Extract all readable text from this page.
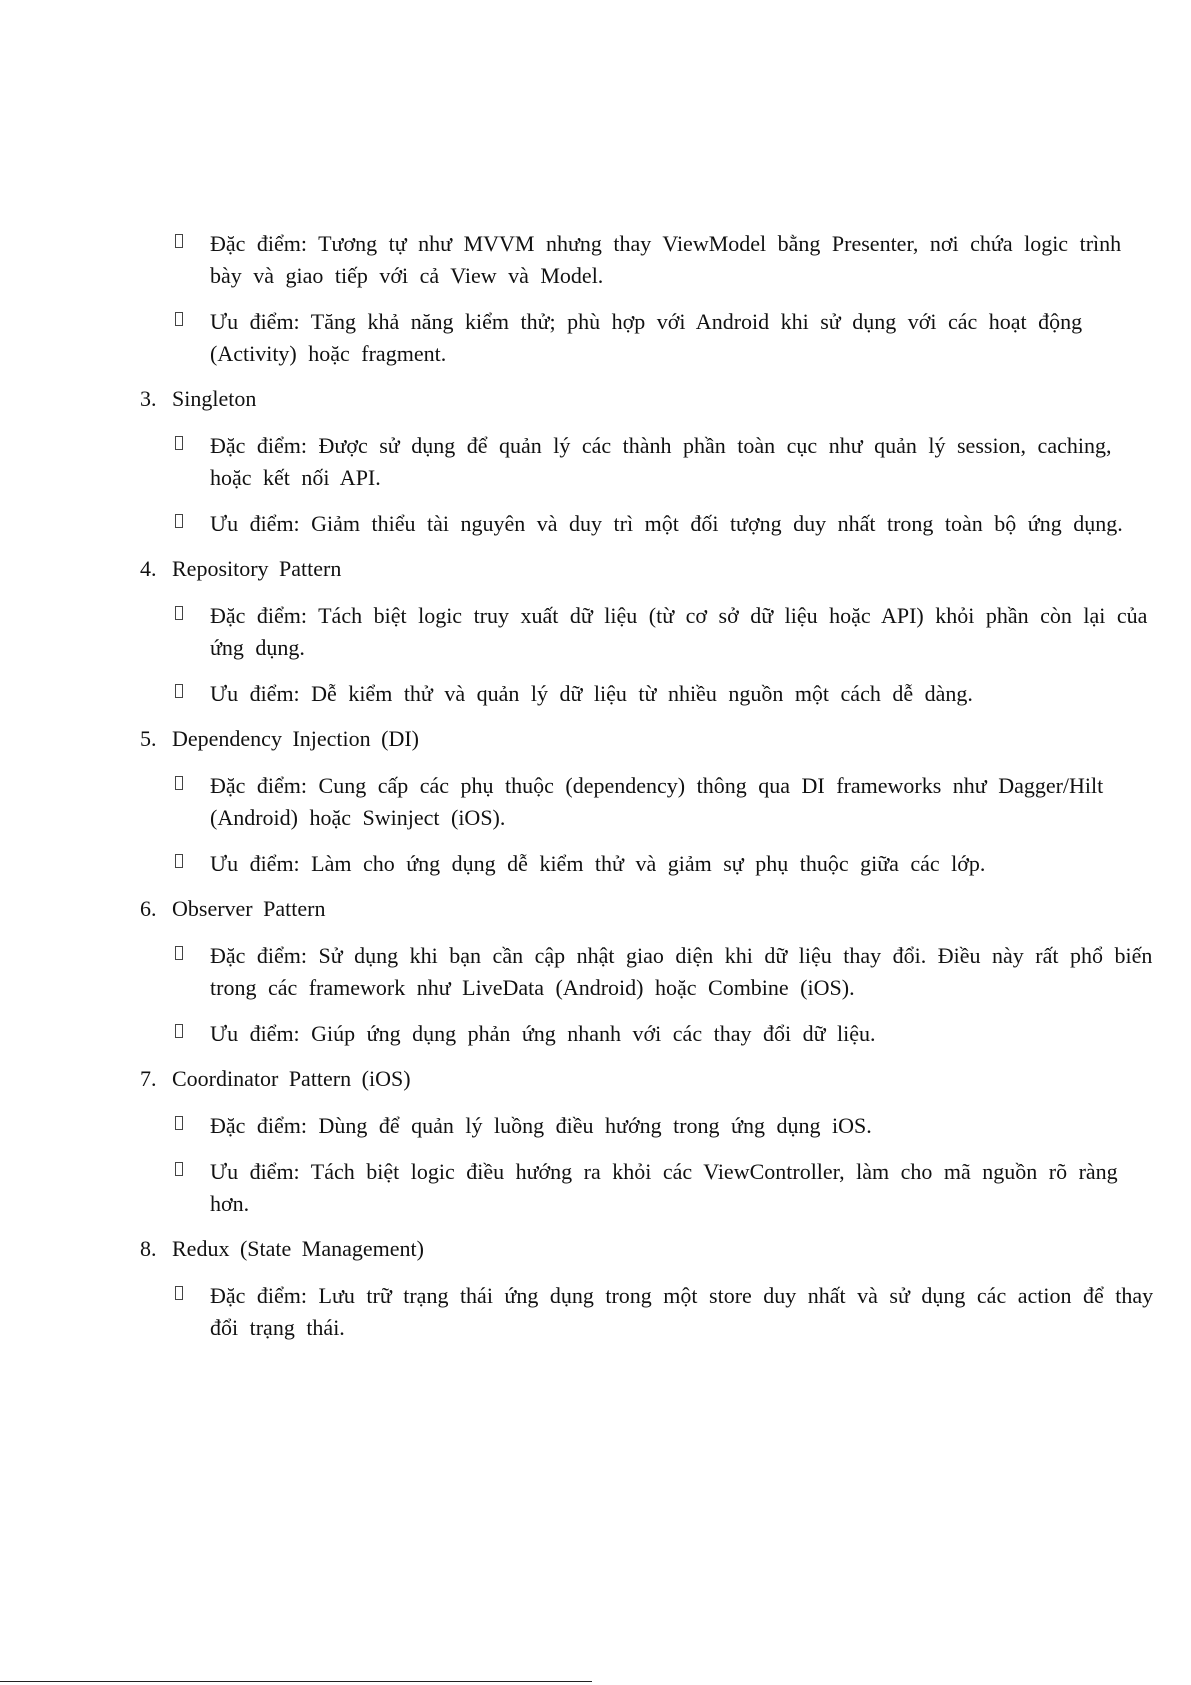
Đặc điểm: Tương tự như MVVM nhưng thay ViewModel bằng Presenter, nơi chứa logic trình bày và giao tiếp với cả View và Model.
Ưu điểm: Tăng khả năng kiểm thử; phù hợp với Android khi sử dụng với các hoạt động (Activity) hoặc fragment.
3. Singleton
Đặc điểm: Được sử dụng để quản lý các thành phần toàn cục như quản lý session, caching, hoặc kết nối API.
Ưu điểm: Giảm thiểu tài nguyên và duy trì một đối tượng duy nhất trong toàn bộ ứng dụng.
4. Repository Pattern
Đặc điểm: Tách biệt logic truy xuất dữ liệu (từ cơ sở dữ liệu hoặc API) khỏi phần còn lại của ứng dụng.
Ưu điểm: Dễ kiểm thử và quản lý dữ liệu từ nhiều nguồn một cách dễ dàng.
5. Dependency Injection (DI)
Đặc điểm: Cung cấp các phụ thuộc (dependency) thông qua DI frameworks như Dagger/Hilt (Android) hoặc Swinject (iOS).
Ưu điểm: Làm cho ứng dụng dễ kiểm thử và giảm sự phụ thuộc giữa các lớp.
6. Observer Pattern
Đặc điểm: Sử dụng khi bạn cần cập nhật giao diện khi dữ liệu thay đổi. Điều này rất phổ biến trong các framework như LiveData (Android) hoặc Combine (iOS).
Ưu điểm: Giúp ứng dụng phản ứng nhanh với các thay đổi dữ liệu.
7. Coordinator Pattern (iOS)
Đặc điểm: Dùng để quản lý luồng điều hướng trong ứng dụng iOS.
Ưu điểm: Tách biệt logic điều hướng ra khỏi các ViewController, làm cho mã nguồn rõ ràng hơn.
8. Redux (State Management)
Đặc điểm: Lưu trữ trạng thái ứng dụng trong một store duy nhất và sử dụng các action để thay đổi trạng thái.
